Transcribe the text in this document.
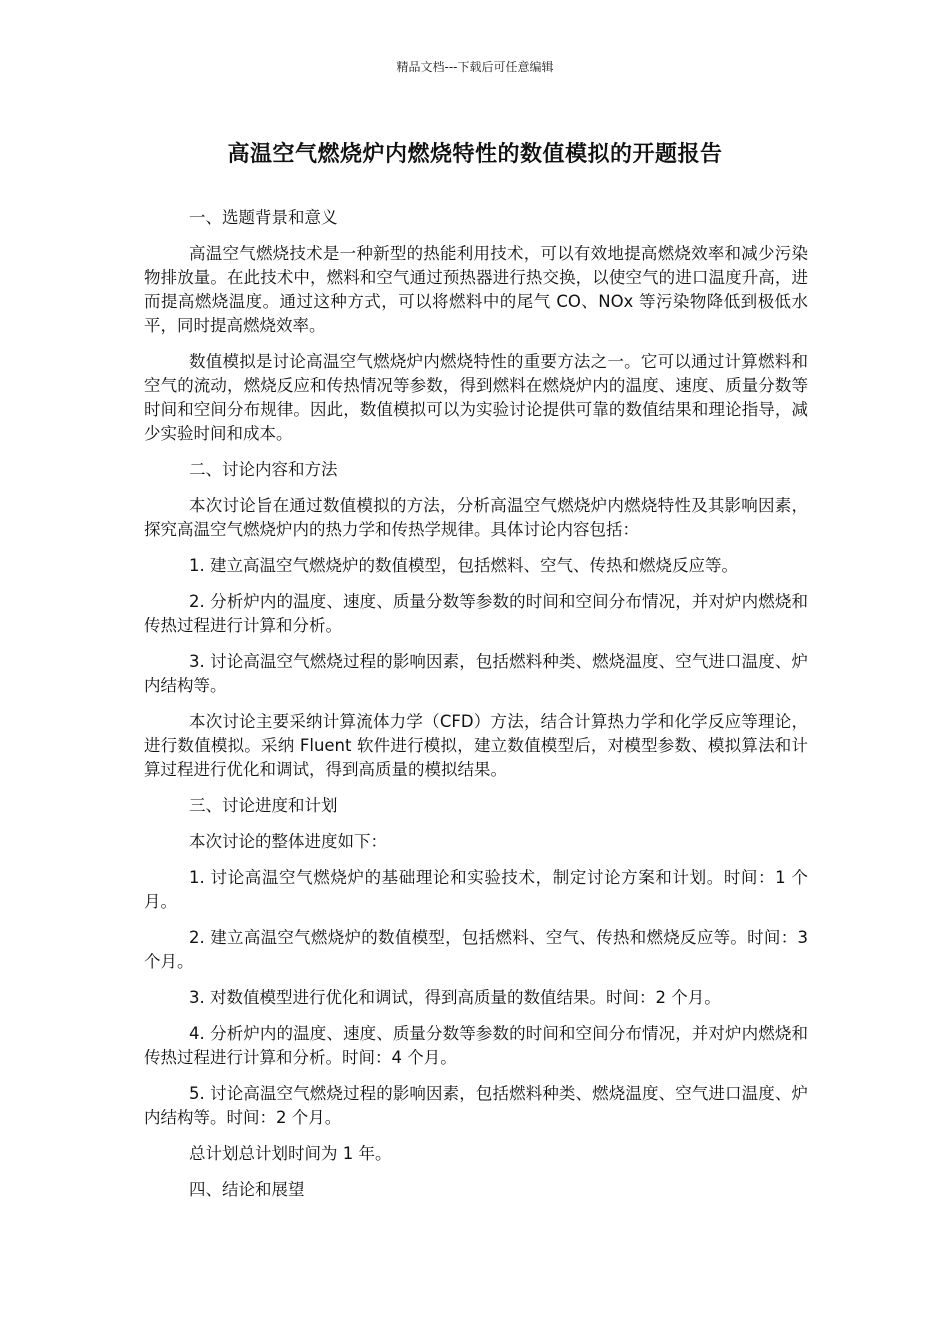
精品文档---下载后可任意编辑
高温空气燃烧炉内燃烧特性的数值模拟的开题报告

一、选题背景和意义

高温空气燃烧技术是一种新型的热能利用技术，可以有效地提高燃烧效率和减少污染物排放量。在此技术中，燃料和空气通过预热器进行热交换，以使空气的进口温度升高，进而提高燃烧温度。通过这种方式，可以将燃料中的尾气 CO、NOx 等污染物降低到极低水平，同时提高燃烧效率。

数值模拟是讨论高温空气燃烧炉内燃烧特性的重要方法之一。它可以通过计算燃料和空气的流动，燃烧反应和传热情况等参数，得到燃料在燃烧炉内的温度、速度、质量分数等时间和空间分布规律。因此，数值模拟可以为实验讨论提供可靠的数值结果和理论指导，减少实验时间和成本。

二、讨论内容和方法

本次讨论旨在通过数值模拟的方法，分析高温空气燃烧炉内燃烧特性及其影响因素，探究高温空气燃烧炉内的热力学和传热学规律。具体讨论内容包括：

1. 建立高温空气燃烧炉的数值模型，包括燃料、空气、传热和燃烧反应等。

2. 分析炉内的温度、速度、质量分数等参数的时间和空间分布情况，并对炉内燃烧和传热过程进行计算和分析。

3. 讨论高温空气燃烧过程的影响因素，包括燃料种类、燃烧温度、空气进口温度、炉内结构等。

本次讨论主要采纳计算流体力学（CFD）方法，结合计算热力学和化学反应等理论，进行数值模拟。采纳 Fluent 软件进行模拟，建立数值模型后，对模型参数、模拟算法和计算过程进行优化和调试，得到高质量的模拟结果。

三、讨论进度和计划

本次讨论的整体进度如下：

1. 讨论高温空气燃烧炉的基础理论和实验技术，制定讨论方案和计划。时间：1 个月。

2. 建立高温空气燃烧炉的数值模型，包括燃料、空气、传热和燃烧反应等。时间：3 个月。

3. 对数值模型进行优化和调试，得到高质量的数值结果。时间：2 个月。

4. 分析炉内的温度、速度、质量分数等参数的时间和空间分布情况，并对炉内燃烧和传热过程进行计算和分析。时间：4 个月。

5. 讨论高温空气燃烧过程的影响因素，包括燃料种类、燃烧温度、空气进口温度、炉内结构等。时间：2 个月。

总计划总计划时间为 1 年。

四、结论和展望
